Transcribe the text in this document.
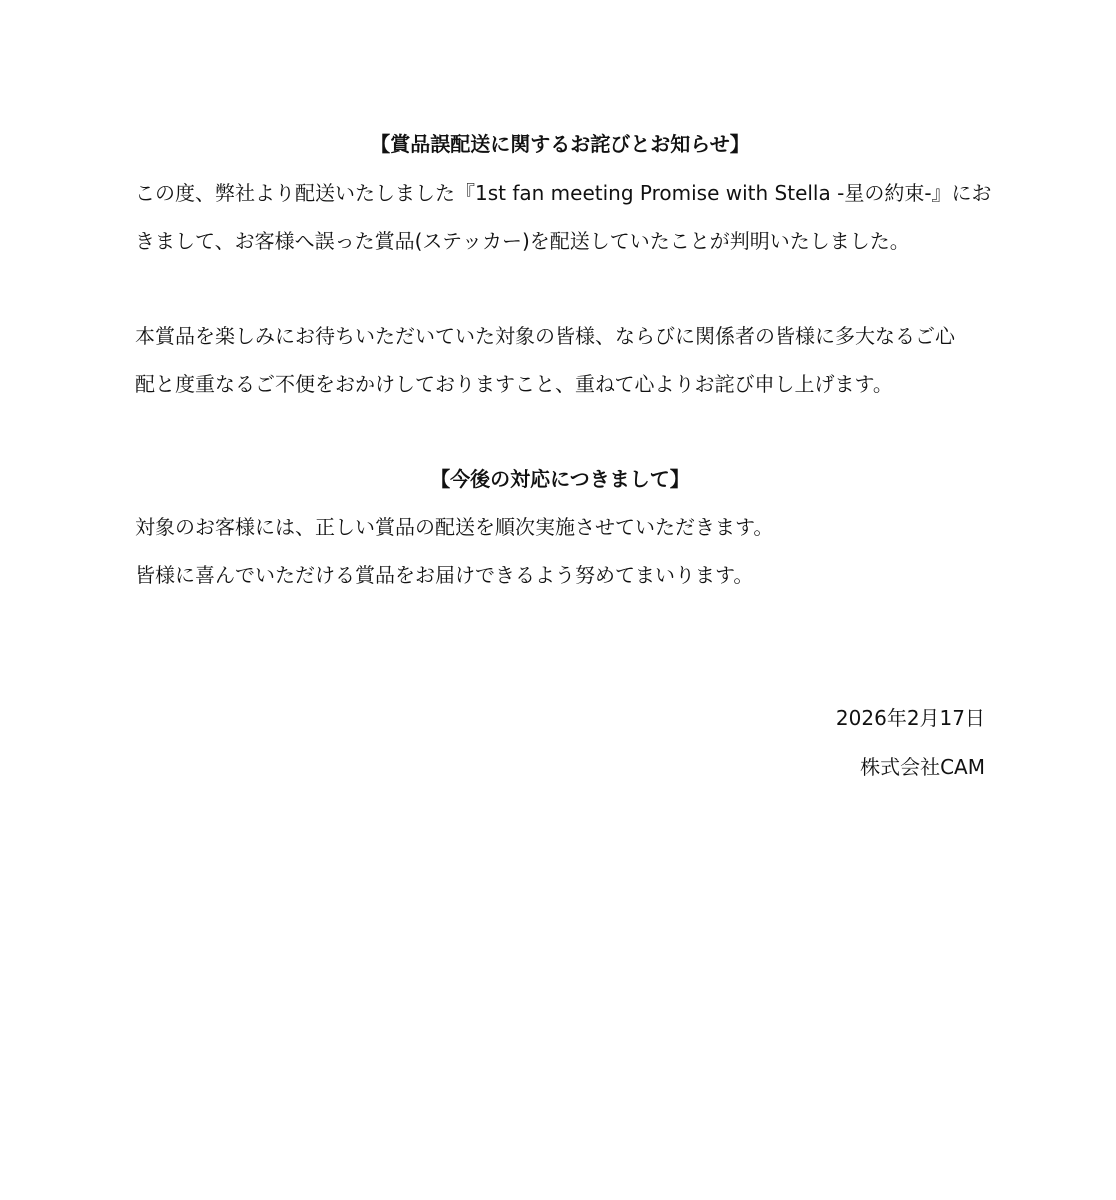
【賞品誤配送に関するお詫びとお知らせ】
この度、弊社より配送いたしました『1st fan meeting Promise with Stella -星の約束-』にお
きまして、お客様へ誤った賞品(ステッカー)を配送していたことが判明いたしました。
本賞品を楽しみにお待ちいただいていた対象の皆様、ならびに関係者の皆様に多大なるご心
配と度重なるご不便をおかけしておりますこと、重ねて心よりお詫び申し上げます。
【今後の対応につきまして】
対象のお客様には、正しい賞品の配送を順次実施させていただきます。
皆様に喜んでいただける賞品をお届けできるよう努めてまいります。
2026年2月17日
株式会社CAM
